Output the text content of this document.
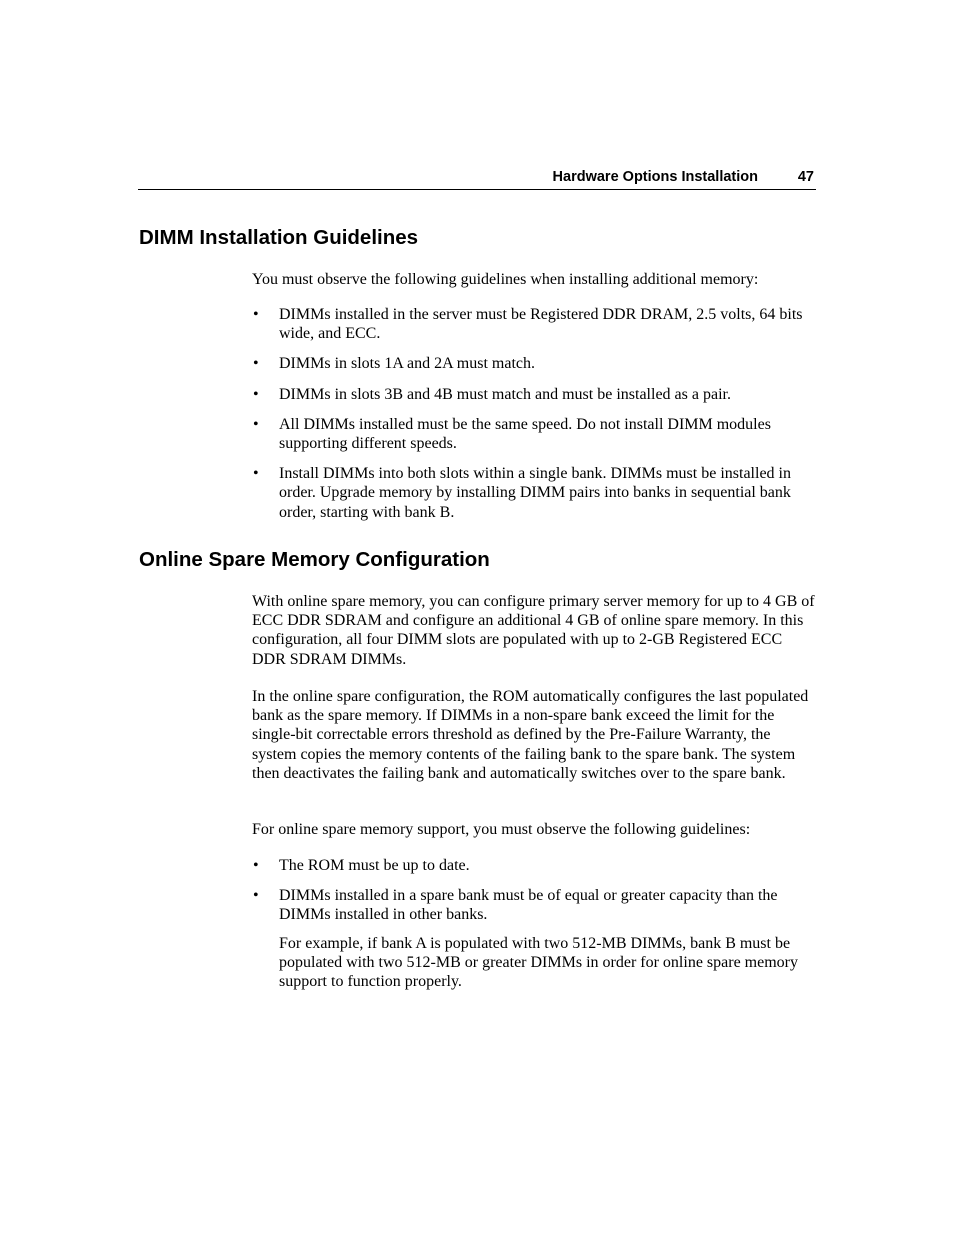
Hardware Options Installation	47
DIMM Installation Guidelines

You must observe the following guidelines when installing additional memory:

• DIMMs installed in the server must be Registered DDR DRAM, 2.5 volts, 64 bits wide, and ECC.
• DIMMs in slots 1A and 2A must match.
• DIMMs in slots 3B and 4B must match and must be installed as a pair.
• All DIMMs installed must be the same speed. Do not install DIMM modules supporting different speeds.
• Install DIMMs into both slots within a single bank. DIMMs must be installed in order. Upgrade memory by installing DIMM pairs into banks in sequential bank order, starting with bank B.
Online Spare Memory Configuration

With online spare memory, you can configure primary server memory for up to 4 GB of ECC DDR SDRAM and configure an additional 4 GB of online spare memory. In this configuration, all four DIMM slots are populated with up to 2-GB Registered ECC DDR SDRAM DIMMs.

In the online spare configuration, the ROM automatically configures the last populated bank as the spare memory. If DIMMs in a non-spare bank exceed the limit for the single-bit correctable errors threshold as defined by the Pre-Failure Warranty, the system copies the memory contents of the failing bank to the spare bank. The system then deactivates the failing bank and automatically switches over to the spare bank.

For online spare memory support, you must observe the following guidelines:

• The ROM must be up to date.
• DIMMs installed in a spare bank must be of equal or greater capacity than the DIMMs installed in other banks.
For example, if bank A is populated with two 512-MB DIMMs, bank B must be populated with two 512-MB or greater DIMMs in order for online spare memory support to function properly.
